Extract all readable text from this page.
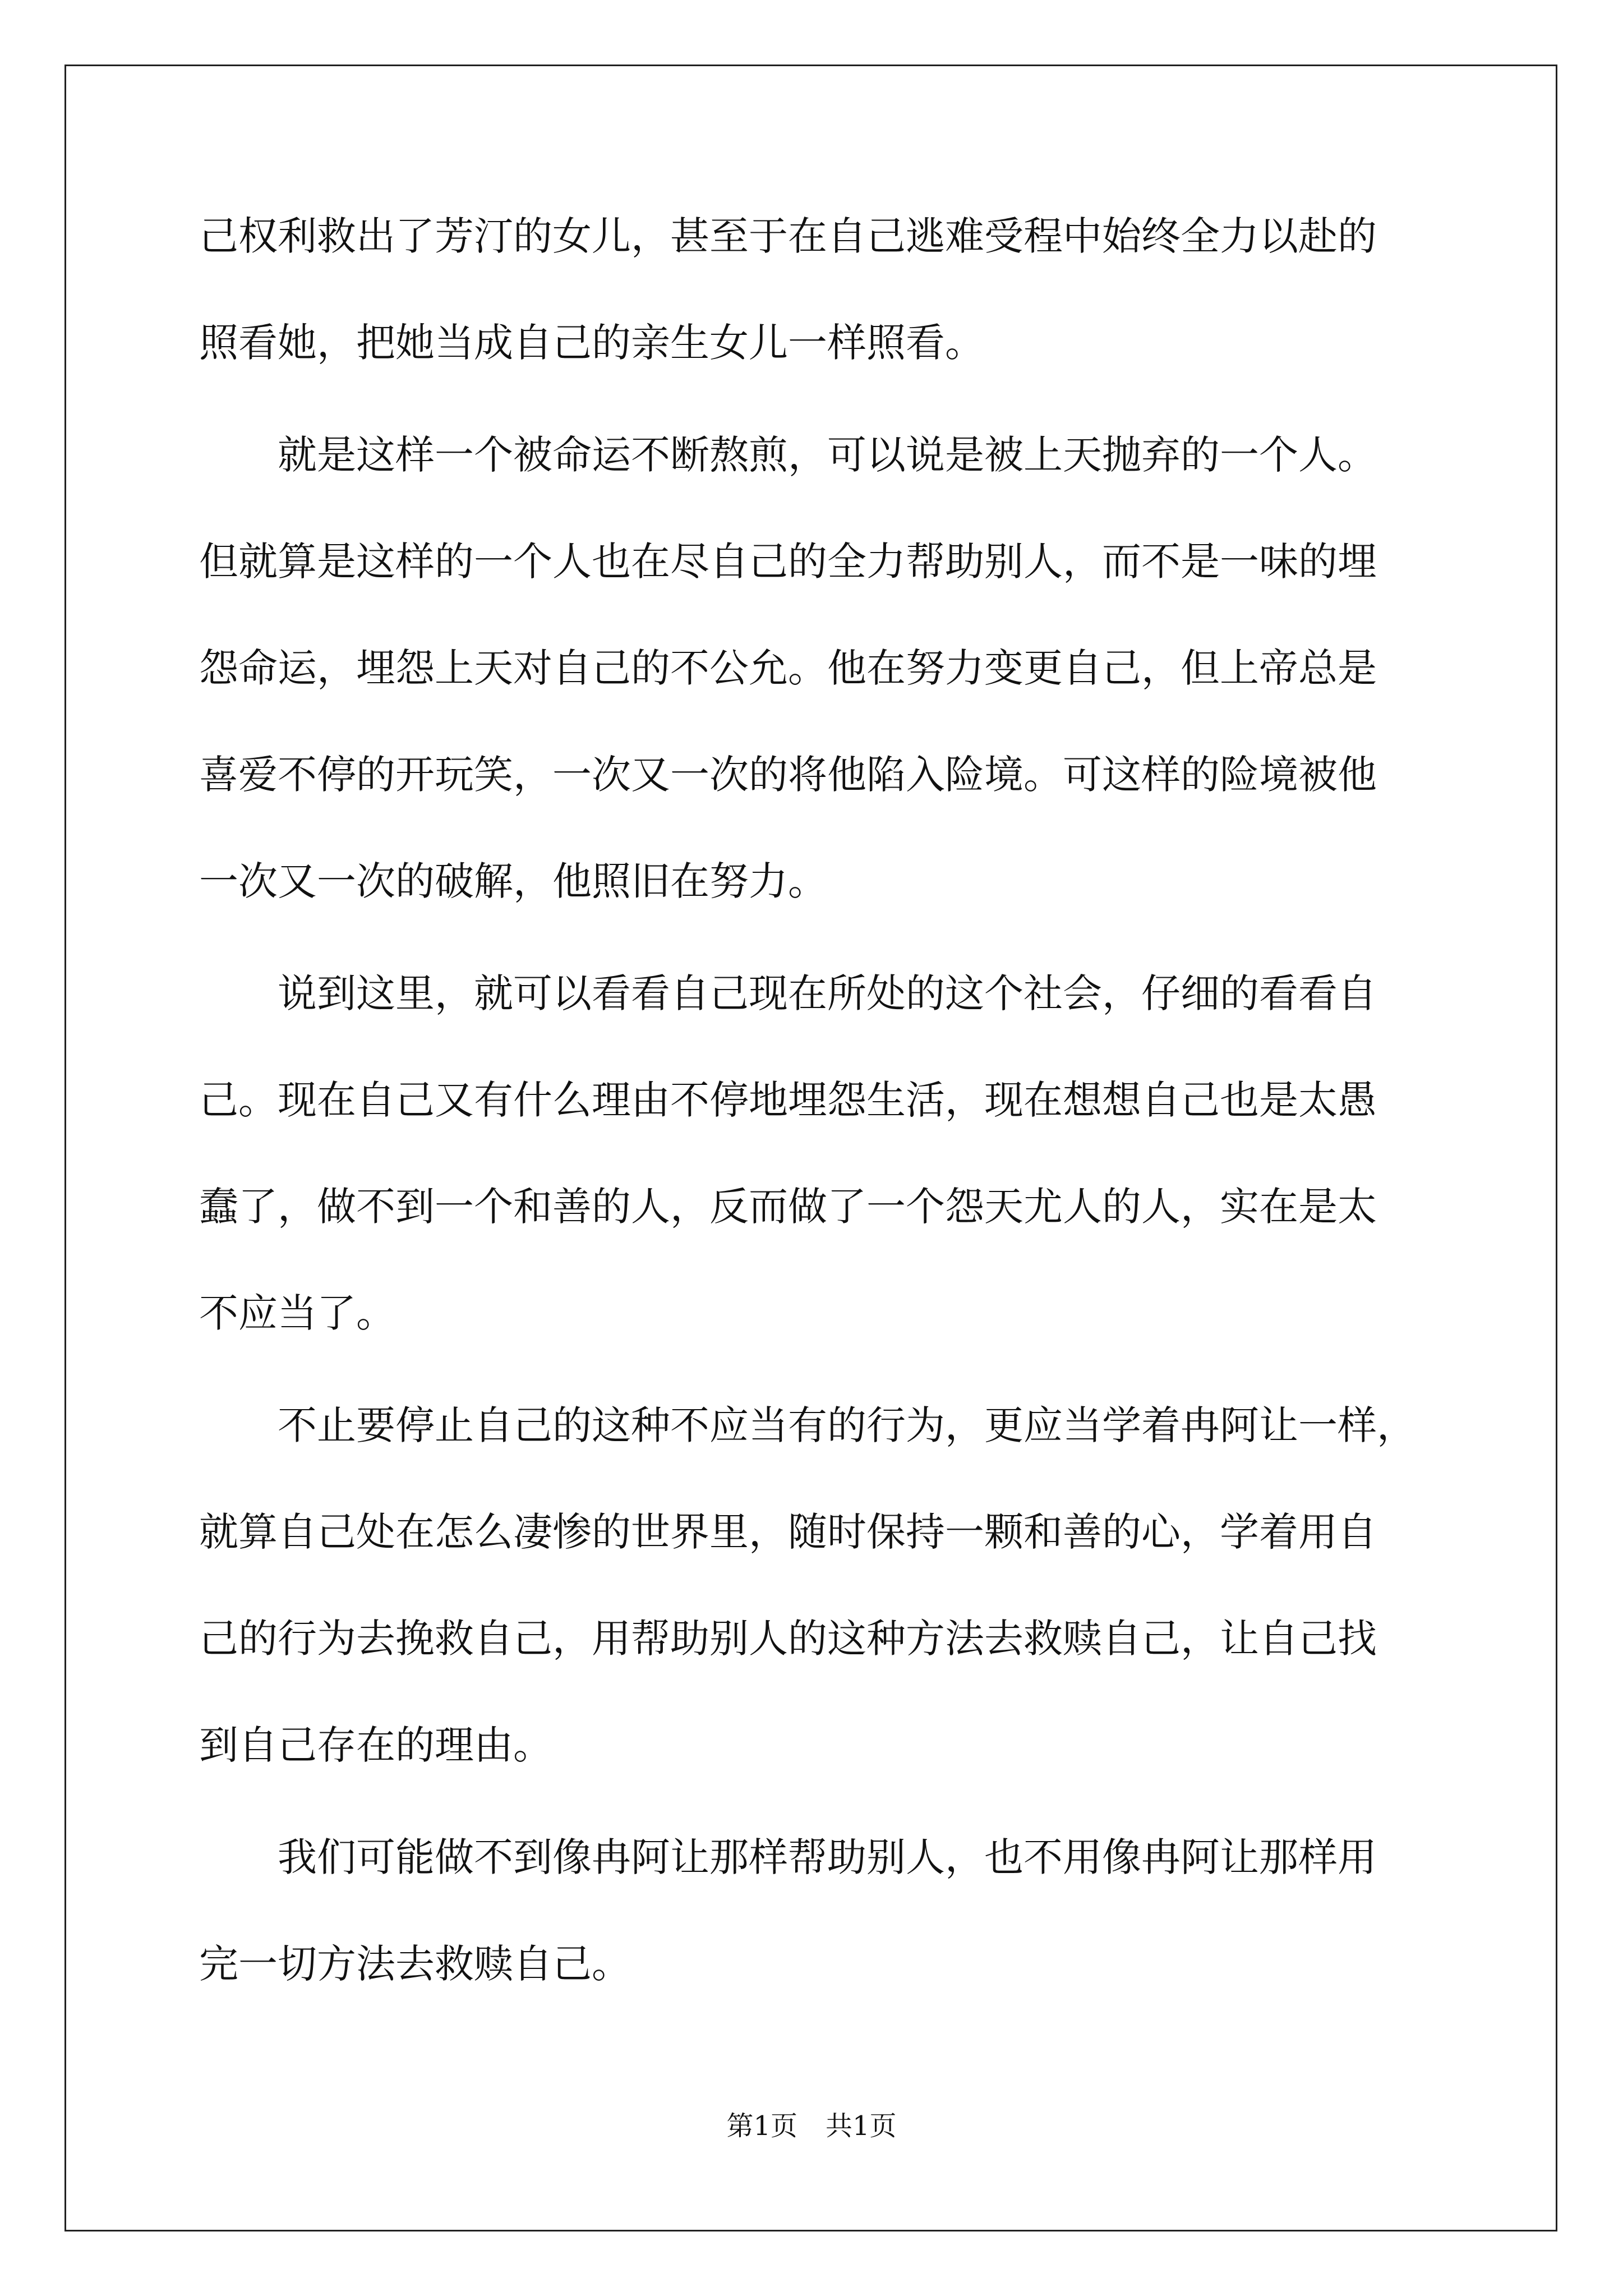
己权利救出了芳汀的女儿，甚至于在自己逃难受程中始终全力以赴的
照看她，把她当成自己的亲生女儿一样照看。
就是这样一个被命运不断熬煎，可以说是被上天抛弃的一个人。
但就算是这样的一个人也在尽自己的全力帮助别人，而不是一味的埋
怨命运，埋怨上天对自己的不公允。他在努力变更自己，但上帝总是
喜爱不停的开玩笑，一次又一次的将他陷入险境。可这样的险境被他
一次又一次的破解，他照旧在努力。
说到这里，就可以看看自己现在所处的这个社会，仔细的看看自
己。现在自己又有什么理由不停地埋怨生活，现在想想自己也是太愚
蠢了，做不到一个和善的人，反而做了一个怨天尤人的人，实在是太
不应当了。
不止要停止自己的这种不应当有的行为，更应当学着冉阿让一样，
就算自己处在怎么凄惨的世界里，随时保持一颗和善的心，学着用自
己的行为去挽救自己，用帮助别人的这种方法去救赎自己，让自己找
到自己存在的理由。
我们可能做不到像冉阿让那样帮助别人，也不用像冉阿让那样用
完一切方法去救赎自己。
第1页 共1页
